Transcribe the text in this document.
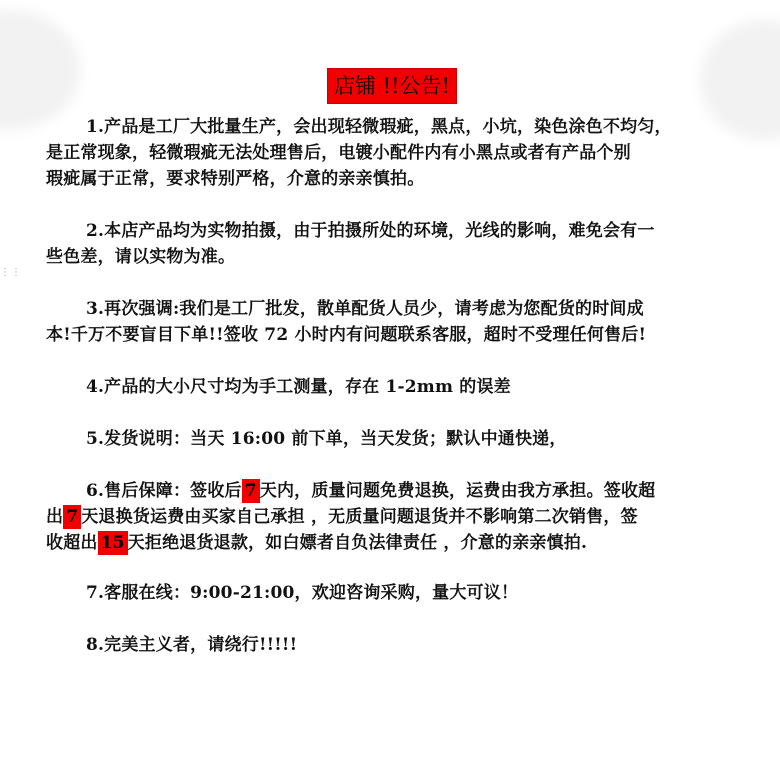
⋮⋮
店铺 !!公告!
1.产品是工厂大批量生产，会出现轻微瑕疵，黑点，小坑，染色涂色不均匀，
是正常现象，轻微瑕疵无法处理售后，电镀小配件内有小黑点或者有产品个别
瑕疵属于正常，要求特别严格，介意的亲亲慎拍。
2.本店产品均为实物拍摄，由于拍摄所处的环境，光线的影响，难免会有一
些色差，请以实物为准。
3.再次强调:我们是工厂批发，散单配货人员少，请考虑为您配货的时间成
本!千万不要盲目下单!!签收 72 小时内有问题联系客服，超时不受理任何售后!
4.产品的大小尺寸均为手工测量，存在 1-2mm 的误差
5.发货说明：当天 16:00 前下单，当天发货；默认中通快递，
6.售后保障：签收后 7 天内，质量问题免费退换，运费由我方承担。签收超
出 7 天退换货运费由买家自己承担 ，无质量问题退货并不影响第二次销售，签
收超出 15 天拒绝退货退款，如白嫖者自负法律责任 ，介意的亲亲慎拍.
7.客服在线：9:00-21:00，欢迎咨询采购，量大可议！
8.完美主义者，请绕行!!!!!
